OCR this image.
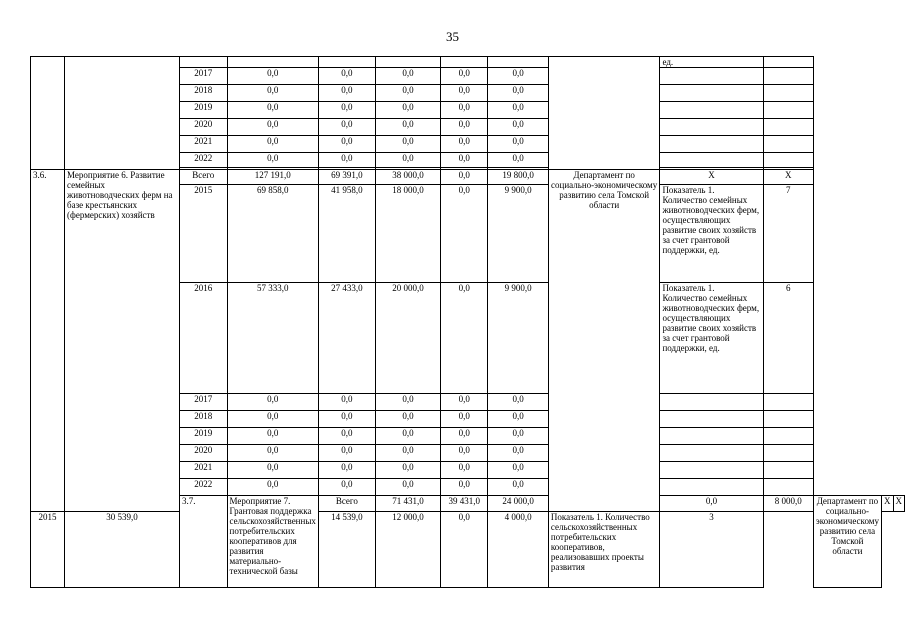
35
									ед.				
		2017	0,0	0,0	0,0	0,0	0,0						
		2018	0,0	0,0	0,0	0,0	0,0						
		2019	0,0	0,0	0,0	0,0	0,0						
		2020	0,0	0,0	0,0	0,0	0,0						
		2021	0,0	0,0	0,0	0,0	0,0						
		2022	0,0	0,0	0,0	0,0	0,0						

3.6.	Мероприятие 6. Развитие семейных животноводческих ферм на базе крестьянских (фермерских) хозяйств	Всего	127 191,0	69 391,0	38 000,0	0,0	19 800,0	Департамент по социально-экономическому развитию села Томской области	Х	Х			
		2015	69 858,0	41 958,0	18 000,0	0,0	9 900,0		Показатель 1. Количество семейных животноводческих ферм, осуществляющих развитие своих хозяйств за счет грантовой поддержки, ед.	7			
		2016	57 333,0	27 433,0	20 000,0	0,0	9 900,0		Показатель 1. Количество семейных животноводческих ферм, осуществляющих развитие своих хозяйств за счет грантовой поддержки, ед.	6			
		2017	0,0	0,0	0,0	0,0	0,0						
		2018	0,0	0,0	0,0	0,0	0,0						
		2019	0,0	0,0	0,0	0,0	0,0						
		2020	0,0	0,0	0,0	0,0	0,0						
		2021	0,0	0,0	0,0	0,0	0,0						
		2022	0,0	0,0	0,0	0,0	0,0						
		3.7.	Мероприятие 7. Грантовая поддержка сельскохозяйственных потребительских кооперативов для развития материально-технической базы	Всего	71 431,0	39 431,0	24 000,0		0,0	8 000,0	Департамент по социально-экономическому развитию села Томской области	Х	Х
2015	30 539,0			14 539,0	12 000,0	0,0	4 000,0	Показатель 1. Количество сельскохозяйственных потребительских кооперативов, реализовавших проекты развития	3				
